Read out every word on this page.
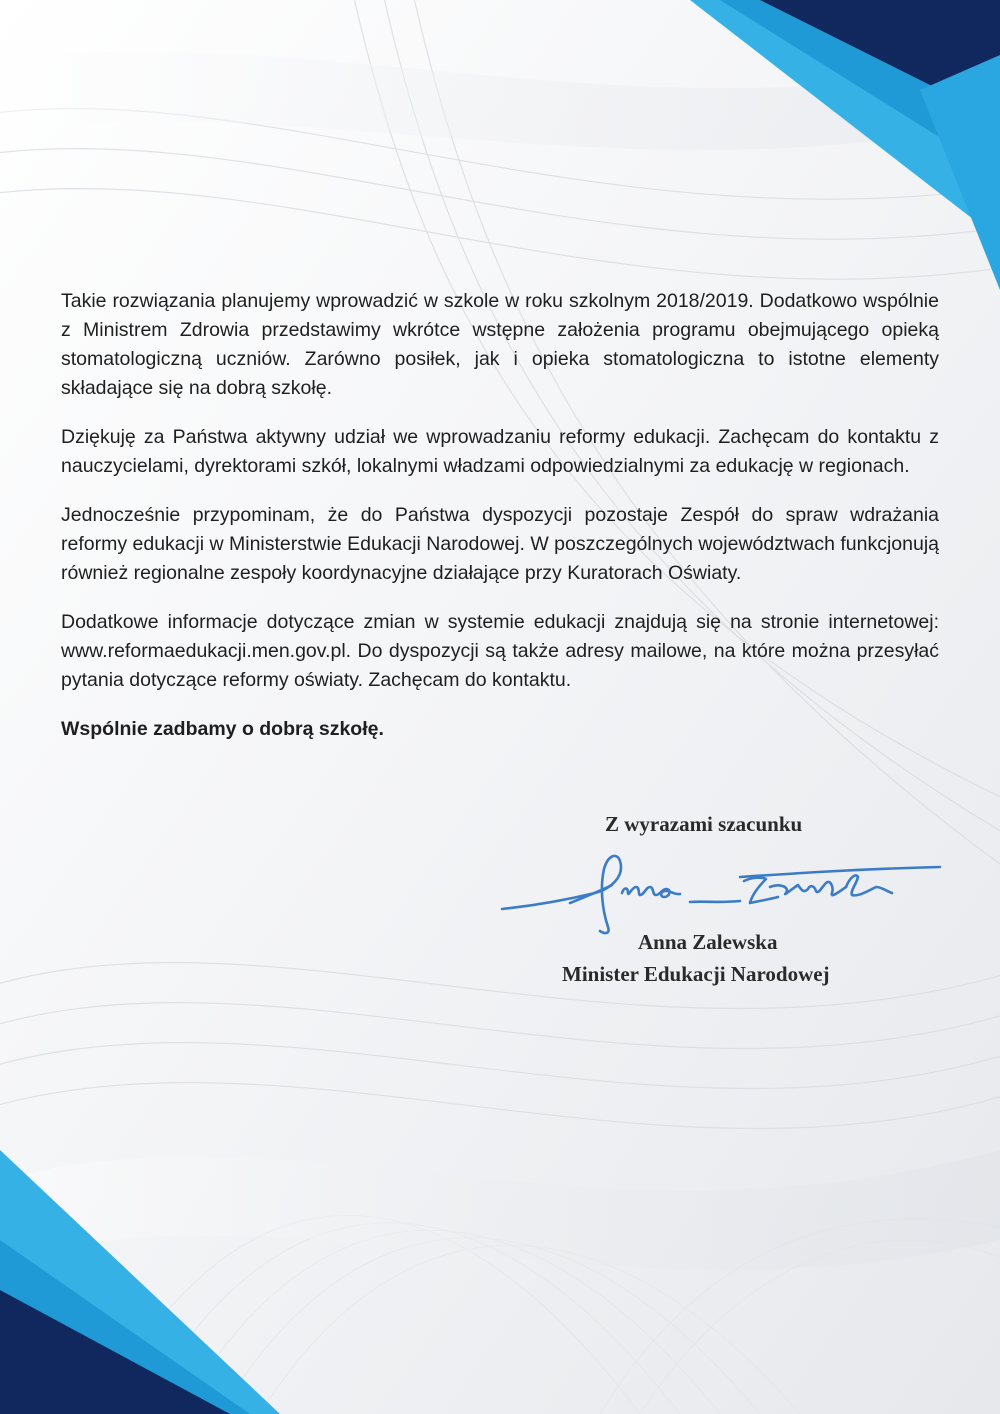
Takie rozwiązania planujemy wprowadzić w szkole w roku szkolnym 2018/2019. Dodatkowo wspólnie z Ministrem Zdrowia przedstawimy wkrótce wstępne założenia programu obejmującego opieką stomatologiczną uczniów. Zarówno posiłek, jak i opieka stomatologiczna to istotne elementy składające się na dobrą szkołę.

Dziękuję za Państwa aktywny udział we wprowadzaniu reformy edukacji. Zachęcam do kontaktu z nauczycielami, dyrektorami szkół, lokalnymi władzami odpowiedzialnymi za edukację w regionach.

Jednocześnie przypominam, że do Państwa dyspozycji pozostaje Zespół do spraw wdrażania reformy edukacji w Ministerstwie Edukacji Narodowej. W poszczególnych województwach funkcjonują również regionalne zespoły koordynacyjne działające przy Kuratorach Oświaty.

Dodatkowe informacje dotyczące zmian w systemie edukacji znajdują się na stronie internetowej: www.reformaedukacji.men.gov.pl. Do dyspozycji są także adresy mailowe, na które można przesyłać pytania dotyczące reformy oświaty. Zachęcam do kontaktu.

Wspólnie zadbamy o dobrą szkołę.

Z wyrazami szacunku
Anna Zalewska
Minister Edukacji Narodowej
